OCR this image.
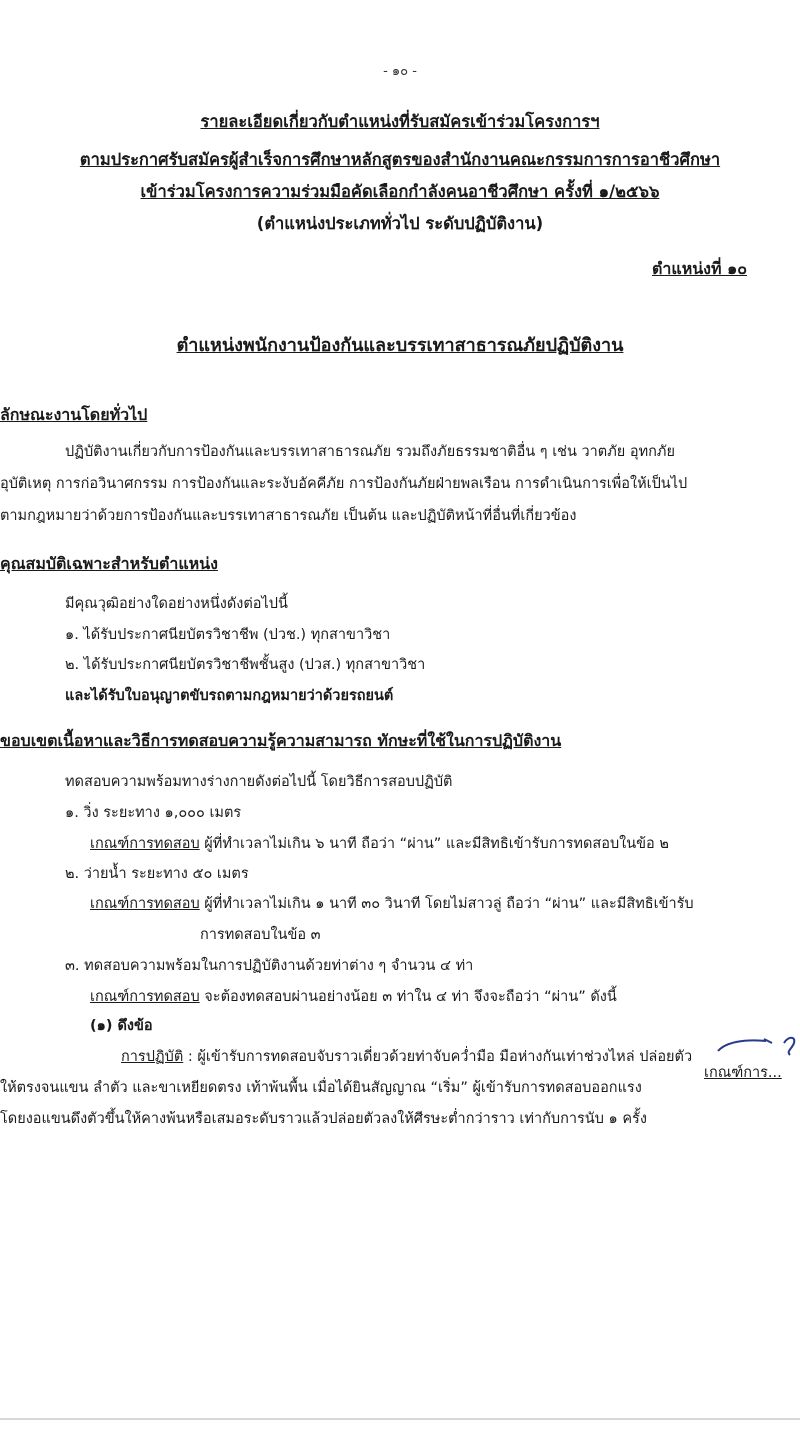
- ๑๐ -
รายละเอียดเกี่ยวกับตำแหน่งที่รับสมัครเข้าร่วมโครงการฯ
ตามประกาศรับสมัครผู้สำเร็จการศึกษาหลักสูตรของสำนักงานคณะกรรมการการอาชีวศึกษา
เข้าร่วมโครงการความร่วมมือคัดเลือกกำลังคนอาชีวศึกษา ครั้งที่ ๑/๒๕๖๖
(ตำแหน่งประเภททั่วไป ระดับปฏิบัติงาน)
ตำแหน่งที่ ๑๐
ตำแหน่งพนักงานป้องกันและบรรเทาสาธารณภัยปฏิบัติงาน
ลักษณะงานโดยทั่วไป
ปฏิบัติงานเกี่ยวกับการป้องกันและบรรเทาสาธารณภัย รวมถึงภัยธรรมชาติอื่น ๆ เช่น วาตภัย อุทกภัย
อุบัติเหตุ การก่อวินาศกรรม การป้องกันและระงับอัคคีภัย การป้องกันภัยฝ่ายพลเรือน การดำเนินการเพื่อให้เป็นไป
ตามกฎหมายว่าด้วยการป้องกันและบรรเทาสาธารณภัย เป็นต้น และปฏิบัติหน้าที่อื่นที่เกี่ยวข้อง
คุณสมบัติเฉพาะสำหรับตำแหน่ง
มีคุณวุฒิอย่างใดอย่างหนึ่งดังต่อไปนี้
๑. ได้รับประกาศนียบัตรวิชาชีพ (ปวช.) ทุกสาขาวิชา
๒. ได้รับประกาศนียบัตรวิชาชีพชั้นสูง (ปวส.) ทุกสาขาวิชา
และได้รับใบอนุญาตขับรถตามกฎหมายว่าด้วยรถยนต์
ขอบเขตเนื้อหาและวิธีการทดสอบความรู้ความสามารถ ทักษะที่ใช้ในการปฏิบัติงาน
ทดสอบความพร้อมทางร่างกายดังต่อไปนี้ โดยวิธีการสอบปฏิบัติ
๑. วิ่ง ระยะทาง ๑,๐๐๐ เมตร
เกณฑ์การทดสอบ ผู้ที่ทำเวลาไม่เกิน ๖ นาที ถือว่า “ผ่าน” และมีสิทธิเข้ารับการทดสอบในข้อ ๒
๒. ว่ายน้ำ ระยะทาง ๕๐ เมตร
เกณฑ์การทดสอบ ผู้ที่ทำเวลาไม่เกิน ๑ นาที ๓๐ วินาที โดยไม่สาวลู่ ถือว่า “ผ่าน” และมีสิทธิเข้ารับ
การทดสอบในข้อ ๓
๓. ทดสอบความพร้อมในการปฏิบัติงานด้วยท่าต่าง ๆ จำนวน ๔ ท่า
เกณฑ์การทดสอบ จะต้องทดสอบผ่านอย่างน้อย ๓ ท่าใน ๔ ท่า จึงจะถือว่า “ผ่าน” ดังนี้
(๑) ดึงข้อ
การปฏิบัติ : ผู้เข้ารับการทดสอบจับราวเดี่ยวด้วยท่าจับคว่ำมือ มือห่างกันเท่าช่วงไหล่ ปล่อยตัว
ให้ตรงจนแขน ลำตัว และขาเหยียดตรง เท้าพ้นพื้น เมื่อได้ยินสัญญาณ “เริ่ม” ผู้เข้ารับการทดสอบออกแรง
โดยงอแขนดึงตัวขึ้นให้คางพ้นหรือเสมอระดับราวแล้วปล่อยตัวลงให้ศีรษะต่ำกว่าราว เท่ากับการนับ ๑ ครั้ง
เกณฑ์การ...
